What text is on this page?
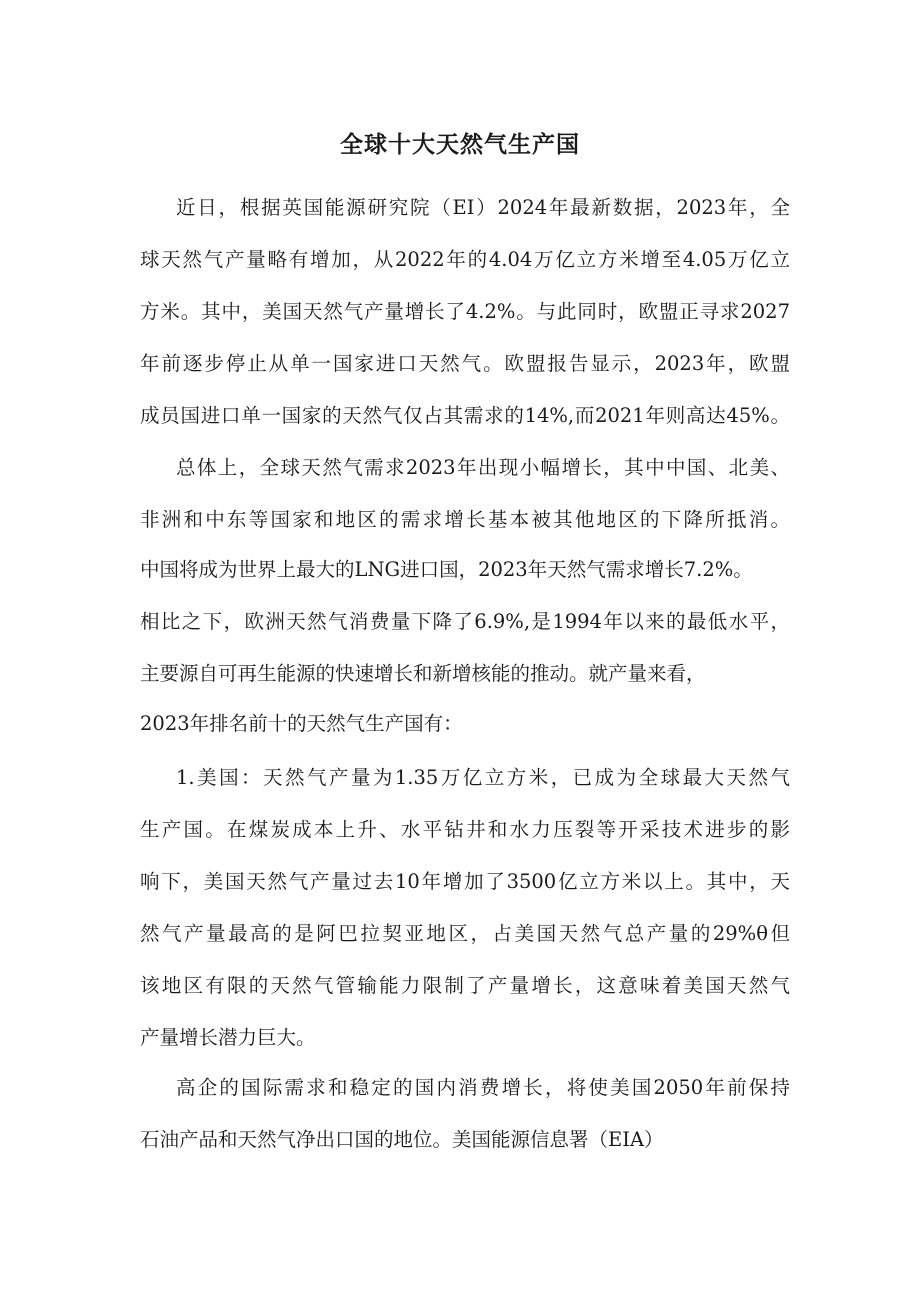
全球十大天然气生产国
近日，根据英国能源研究院（EI）2024年最新数据，2023年，全
球天然气产量略有增加，从2022年的4.04万亿立方米增至4.05万亿立
方米。其中，美国天然气产量增长了4.2%。与此同时，欧盟正寻求2027
年前逐步停止从单一国家进口天然气。欧盟报告显示，2023年，欧盟
成员国进口单一国家的天然气仅占其需求的14%,而2021年则高达45%。
总体上，全球天然气需求2023年出现小幅增长，其中中国、北美、
非洲和中东等国家和地区的需求增长基本被其他地区的下降所抵消。
中国将成为世界上最大的LNG进口国，2023年天然气需求增长7.2%。
相比之下，欧洲天然气消费量下降了6.9%,是1994年以来的最低水平，
主要源自可再生能源的快速增长和新增核能的推动。就产量来看，
2023年排名前十的天然气生产国有：
1.美国：天然气产量为1.35万亿立方米，已成为全球最大天然气
生产国。在煤炭成本上升、水平钻井和水力压裂等开采技术进步的影
响下，美国天然气产量过去10年增加了3500亿立方米以上。其中，天
然气产量最高的是阿巴拉契亚地区，占美国天然气总产量的29%θ但
该地区有限的天然气管输能力限制了产量增长，这意味着美国天然气
产量增长潜力巨大。
高企的国际需求和稳定的国内消费增长，将使美国2050年前保持
石油产品和天然气净出口国的地位。美国能源信息署（EIA）
